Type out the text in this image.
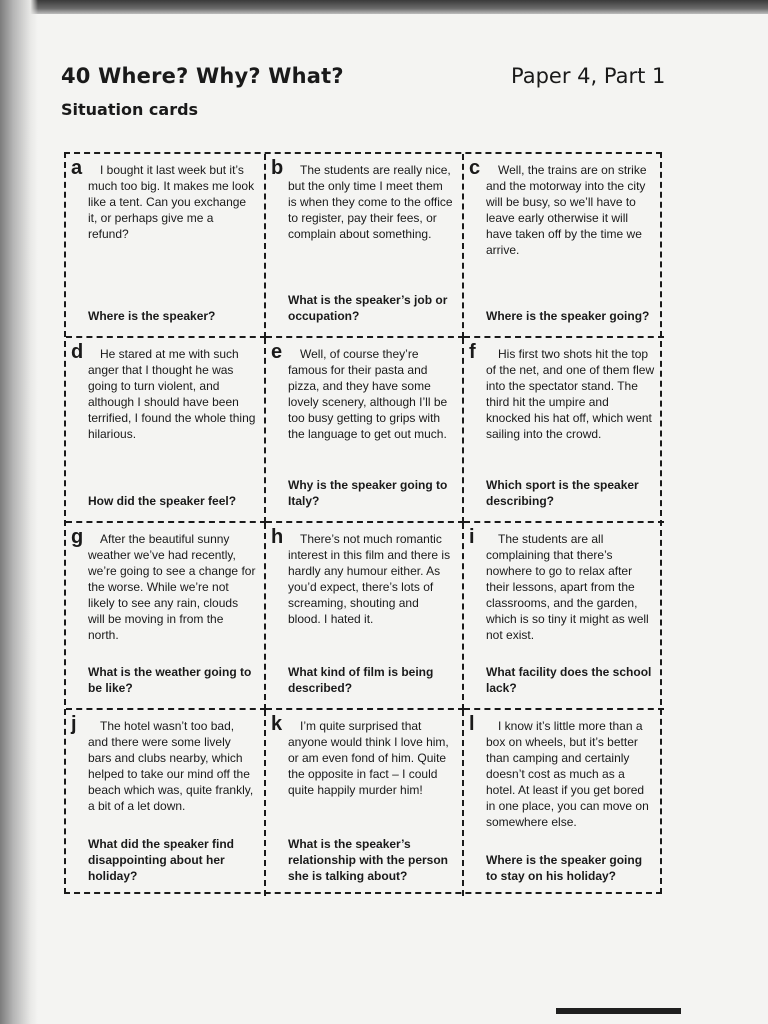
40 Where? Why? What?	Paper 4, Part 1
Situation cards
a	I bought it last week but it’s much too big. It makes me look like a tent. Can you exchange it, or perhaps give me a refund?

Where is the speaker?
b	The students are really nice, but the only time I meet them is when they come to the office to register, pay their fees, or complain about something.

What is the speaker’s job or occupation?
c	Well, the trains are on strike and the motorway into the city will be busy, so we’ll have to leave early otherwise it will have taken off by the time we arrive.

Where is the speaker going?
d	He stared at me with such anger that I thought he was going to turn violent, and although I should have been terrified, I found the whole thing hilarious.

How did the speaker feel?
e	Well, of course they’re famous for their pasta and pizza, and they have some lovely scenery, although I’ll be too busy getting to grips with the language to get out much.

Why is the speaker going to Italy?
f	His first two shots hit the top of the net, and one of them flew into the spectator stand. The third hit the umpire and knocked his hat off, which went sailing into the crowd.

Which sport is the speaker describing?
g	After the beautiful sunny weather we’ve had recently, we’re going to see a change for the worse. While we’re not likely to see any rain, clouds will be moving in from the north.

What is the weather going to be like?
h	There’s not much romantic interest in this film and there is hardly any humour either. As you’d expect, there’s lots of screaming, shouting and blood. I hated it.

What kind of film is being described?
i	The students are all complaining that there’s nowhere to go to relax after their lessons, apart from the classrooms, and the garden, which is so tiny it might as well not exist.

What facility does the school lack?
j	The hotel wasn’t too bad, and there were some lively bars and clubs nearby, which helped to take our mind off the beach which was, quite frankly, a bit of a let down.

What did the speaker find disappointing about her holiday?
k	I’m quite surprised that anyone would think I love him, or am even fond of him. Quite the opposite in fact – I could quite happily murder him!

What is the speaker’s relationship with the person she is talking about?
l	I know it’s little more than a box on wheels, but it’s better than camping and certainly doesn’t cost as much as a hotel. At least if you get bored in one place, you can move on somewhere else.

Where is the speaker going to stay on his holiday?
